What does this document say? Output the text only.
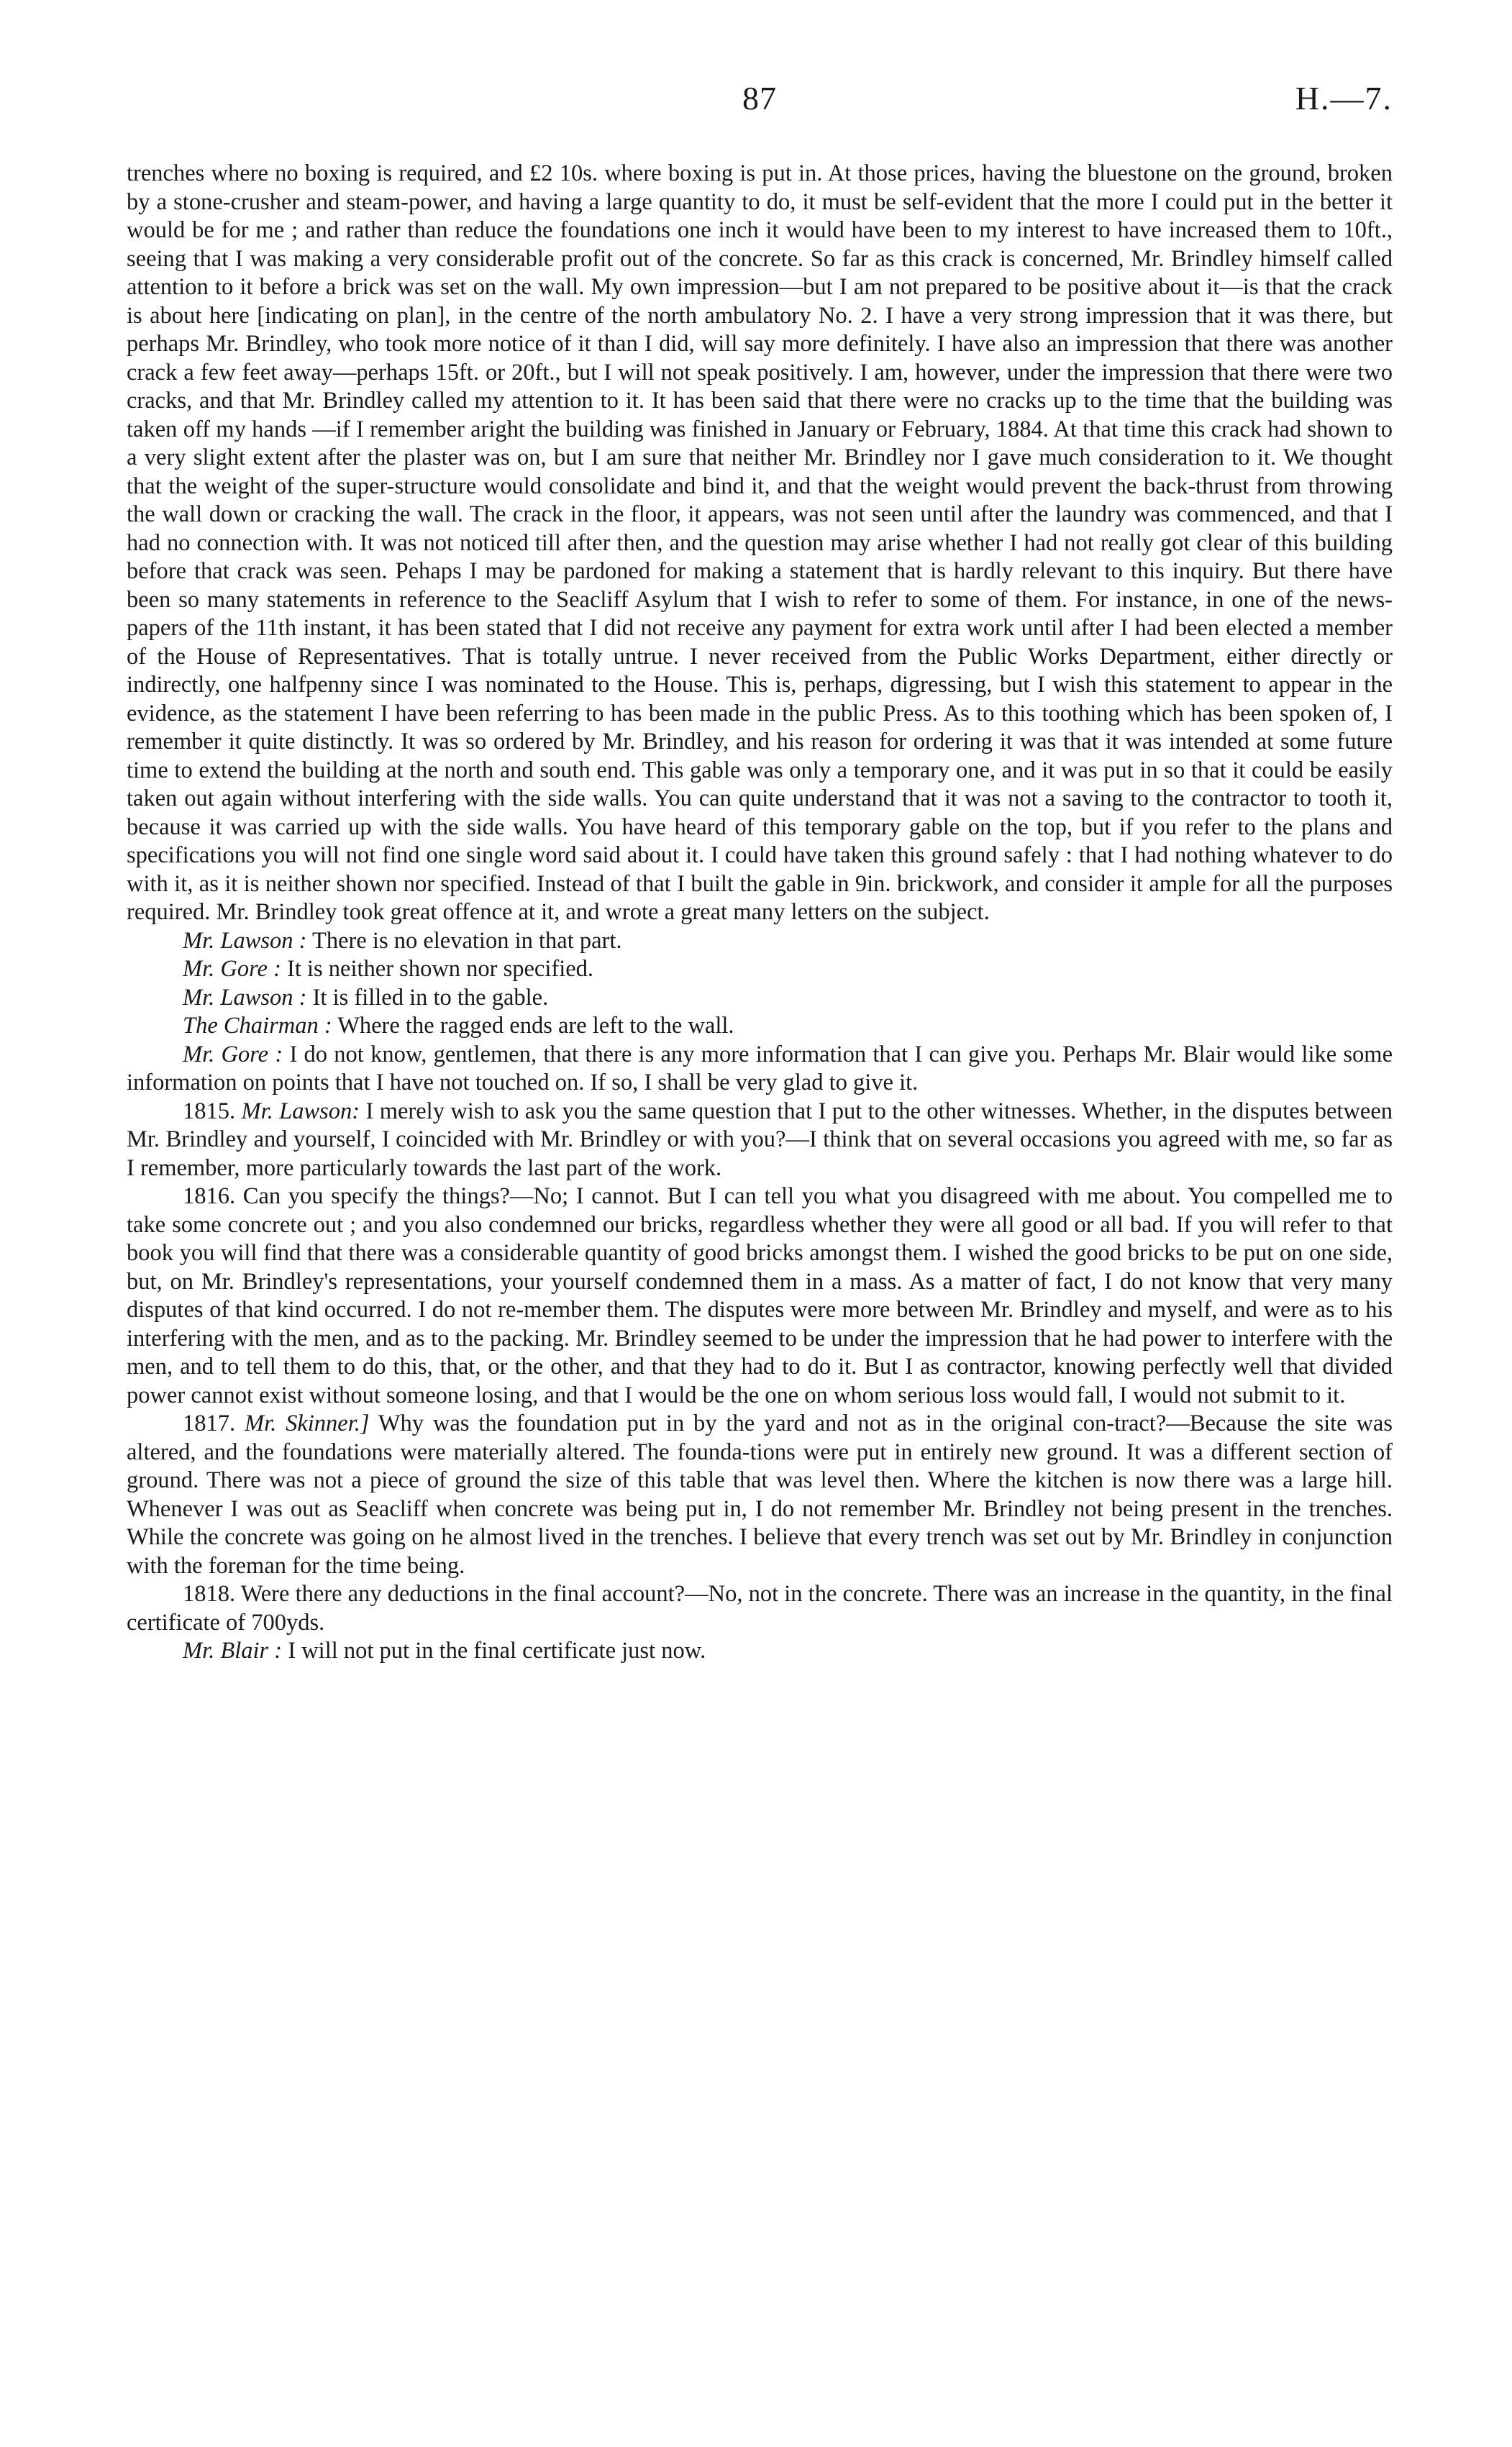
87	H.—7.

trenches where no boxing is required, and £2 10s. where boxing is put in. At those prices, having the bluestone on the ground, broken by a stone-crusher and steam-power, and having a large quantity to do, it must be self-evident that the more I could put in the better it would be for me ; and rather than reduce the foundations one inch it would have been to my interest to have increased them to 10ft., seeing that I was making a very considerable profit out of the concrete. So far as this crack is concerned, Mr. Brindley himself called attention to it before a brick was set on the wall. My own impression—but I am not prepared to be positive about it—is that the crack is about here [indicating on plan], in the centre of the north ambulatory No. 2. I have a very strong impression that it was there, but perhaps Mr. Brindley, who took more notice of it than I did, will say more definitely. I have also an impression that there was another crack a few feet away—perhaps 15ft. or 20ft., but I will not speak positively. I am, however, under the impression that there were two cracks, and that Mr. Brindley called my attention to it. It has been said that there were no cracks up to the time that the building was taken off my hands —if I remember aright the building was finished in January or February, 1884. At that time this crack had shown to a very slight extent after the plaster was on, but I am sure that neither Mr. Brindley nor I gave much consideration to it. We thought that the weight of the super-structure would consolidate and bind it, and that the weight would prevent the back-thrust from throwing the wall down or cracking the wall. The crack in the floor, it appears, was not seen until after the laundry was commenced, and that I had no connection with. It was not noticed till after then, and the question may arise whether I had not really got clear of this building before that crack was seen. Pehaps I may be pardoned for making a statement that is hardly relevant to this inquiry. But there have been so many statements in reference to the Seacliff Asylum that I wish to refer to some of them. For instance, in one of the news-papers of the 11th instant, it has been stated that I did not receive any payment for extra work until after I had been elected a member of the House of Representatives. That is totally untrue. I never received from the Public Works Department, either directly or indirectly, one halfpenny since I was nominated to the House. This is, perhaps, digressing, but I wish this statement to appear in the evidence, as the statement I have been referring to has been made in the public Press. As to this toothing which has been spoken of, I remember it quite distinctly. It was so ordered by Mr. Brindley, and his reason for ordering it was that it was intended at some future time to extend the building at the north and south end. This gable was only a temporary one, and it was put in so that it could be easily taken out again without interfering with the side walls. You can quite understand that it was not a saving to the contractor to tooth it, because it was carried up with the side walls. You have heard of this temporary gable on the top, but if you refer to the plans and specifications you will not find one single word said about it. I could have taken this ground safely : that I had nothing whatever to do with it, as it is neither shown nor specified. Instead of that I built the gable in 9in. brickwork, and consider it ample for all the purposes required. Mr. Brindley took great offence at it, and wrote a great many letters on the subject.

Mr. Lawson : There is no elevation in that part.

Mr. Gore : It is neither shown nor specified.

Mr. Lawson : It is filled in to the gable.

The Chairman : Where the ragged ends are left to the wall.

Mr. Gore : I do not know, gentlemen, that there is any more information that I can give you. Perhaps Mr. Blair would like some information on points that I have not touched on. If so, I shall be very glad to give it.

1815. Mr. Lawson: I merely wish to ask you the same question that I put to the other witnesses. Whether, in the disputes between Mr. Brindley and yourself, I coincided with Mr. Brindley or with you?—I think that on several occasions you agreed with me, so far as I remember, more particularly towards the last part of the work.

1816. Can you specify the things?—No; I cannot. But I can tell you what you disagreed with me about. You compelled me to take some concrete out ; and you also condemned our bricks, regardless whether they were all good or all bad. If you will refer to that book you will find that there was a considerable quantity of good bricks amongst them. I wished the good bricks to be put on one side, but, on Mr. Brindley's representations, your yourself condemned them in a mass. As a matter of fact, I do not know that very many disputes of that kind occurred. I do not re-member them. The disputes were more between Mr. Brindley and myself, and were as to his interfering with the men, and as to the packing. Mr. Brindley seemed to be under the impression that he had power to interfere with the men, and to tell them to do this, that, or the other, and that they had to do it. But I as contractor, knowing perfectly well that divided power cannot exist without someone losing, and that I would be the one on whom serious loss would fall, I would not submit to it.

1817. Mr. Skinner.] Why was the foundation put in by the yard and not as in the original con-tract?—Because the site was altered, and the foundations were materially altered. The founda-tions were put in entirely new ground. It was a different section of ground. There was not a piece of ground the size of this table that was level then. Where the kitchen is now there was a large hill. Whenever I was out as Seacliff when concrete was being put in, I do not remember Mr. Brindley not being present in the trenches. While the concrete was going on he almost lived in the trenches. I believe that every trench was set out by Mr. Brindley in conjunction with the foreman for the time being.

1818. Were there any deductions in the final account?—No, not in the concrete. There was an increase in the quantity, in the final certificate of 700yds.

Mr. Blair : I will not put in the final certificate just now.
